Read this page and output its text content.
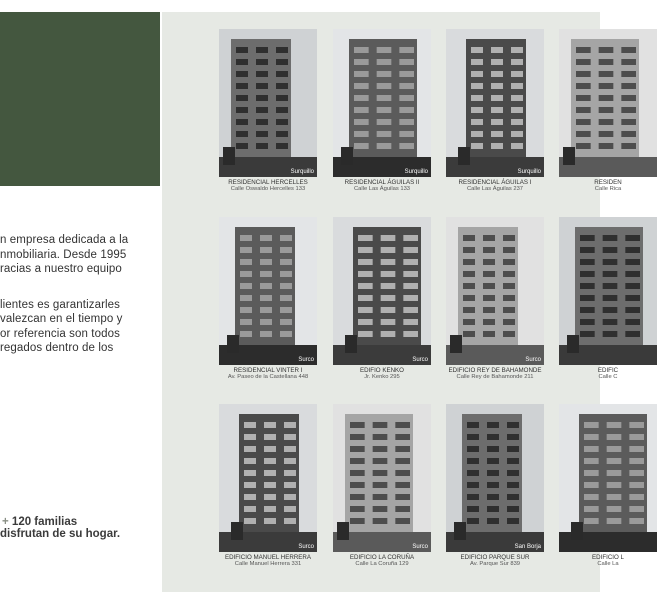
n empresa dedicada a la

nmobiliaria. Desde 1995

racias a nuestro equipo

lientes es garantizarles

valezcan en el tiempo y

or referencia son todos

regados dentro de los

+ 120 familias
disfrutan de su hogar.
Surquillo
RESIDENCIAL HERCELLES
Calle Oswaldo Hercelles 133
Surquillo
RESIDENCIAL ÁGUILAS II
Calle Las Águilas 133
Surquillo
RESIDENCIAL ÁGUILAS I
Calle Las Águilas 237
RESIDEN
Calle Rica
Surco
RESIDENCIAL VINTER I
Av. Paseo de la Castellana 448
Surco
EDIFIO KENKO
Jr. Kenko 295
Surco
EDIFICIO REY DE BAHAMONDE
Calle Rey de Bahamonde 211
EDIFIC
Calle C
Surco
EDIFICIO MANUEL HERRERA
Calle Manuel Herrera 331
Surco
EDIFICIO LA CORUÑA
Calle La Coruña 129
San Borja
EDIFICIO PARQUE SUR
Av. Parque Sur 839
EDIFICIO L
Calle La
